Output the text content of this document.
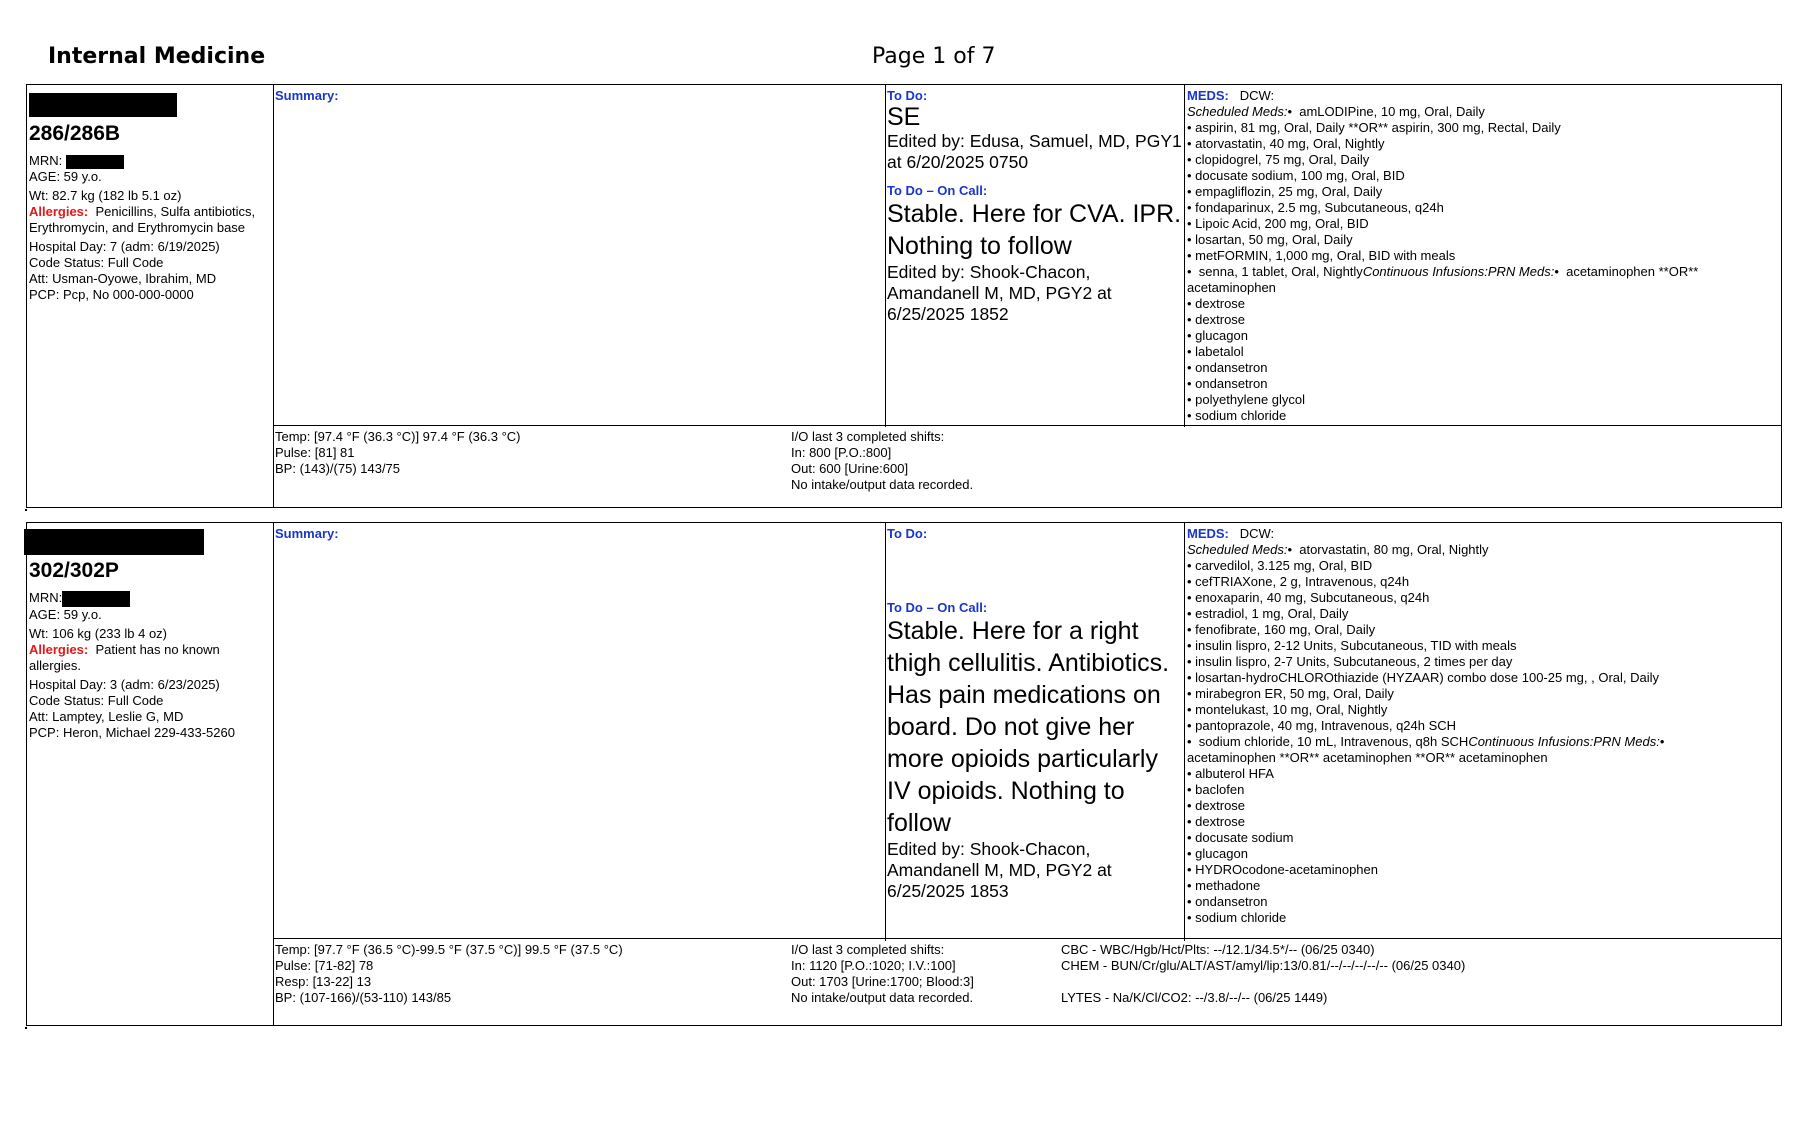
Internal Medicine	Page 1 of 7
286/286B
MRN:
AGE: 59 y.o.
Wt: 82.7 kg (182 lb 5.1 oz)
Allergies: Penicillins, Sulfa antibiotics, Erythromycin, and Erythromycin base
Hospital Day: 7 (adm: 6/19/2025)
Code Status: Full Code
Att: Usman-Oyowe, Ibrahim, MD
PCP: Pcp, No 000-000-0000
Summary:	To Do:
SE
Edited by: Edusa, Samuel, MD, PGY1 at 6/20/2025 0750
To Do – On Call:
Stable. Here for CVA. IPR. Nothing to follow
Edited by: Shook-Chacon, Amandanell M, MD, PGY2 at 6/25/2025 1852
MEDS: DCW:
Scheduled Meds:•  amLODIPine, 10 mg, Oral, Daily
• aspirin, 81 mg, Oral, Daily **OR** aspirin, 300 mg, Rectal, Daily
• atorvastatin, 40 mg, Oral, Nightly
• clopidogrel, 75 mg, Oral, Daily
• docusate sodium, 100 mg, Oral, BID
• empagliflozin, 25 mg, Oral, Daily
• fondaparinux, 2.5 mg, Subcutaneous, q24h
• Lipoic Acid, 200 mg, Oral, BID
• losartan, 50 mg, Oral, Daily
• metFORMIN, 1,000 mg, Oral, BID with meals
•  senna, 1 tablet, Oral, NightlyContinuous Infusions:PRN Meds:•  acetaminophen **OR**
acetaminophen
• dextrose
• dextrose
• glucagon
• labetalol
• ondansetron
• ondansetron
• polyethylene glycol
• sodium chloride
Temp: [97.4 °F (36.3 °C)] 97.4 °F (36.3 °C)
Pulse: [81] 81
BP: (143)/(75) 143/75
I/O last 3 completed shifts:
In: 800 [P.O.:800]
Out: 600 [Urine:600]
No intake/output data recorded.
302/302P
MRN:
AGE: 59 y.o.
Wt: 106 kg (233 lb 4 oz)
Allergies: Patient has no known allergies.
Hospital Day: 3 (adm: 6/23/2025)
Code Status: Full Code
Att: Lamptey, Leslie G, MD
PCP: Heron, Michael 229-433-5260
Summary:	To Do:
To Do – On Call:
Stable. Here for a right thigh cellulitis. Antibiotics. Has pain medications on board. Do not give her more opioids particularly IV opioids. Nothing to follow
Edited by: Shook-Chacon, Amandanell M, MD, PGY2 at 6/25/2025 1853
MEDS: DCW:
Scheduled Meds:•  atorvastatin, 80 mg, Oral, Nightly
• carvedilol, 3.125 mg, Oral, BID
• cefTRIAXone, 2 g, Intravenous, q24h
• enoxaparin, 40 mg, Subcutaneous, q24h
• estradiol, 1 mg, Oral, Daily
• fenofibrate, 160 mg, Oral, Daily
• insulin lispro, 2-12 Units, Subcutaneous, TID with meals
• insulin lispro, 2-7 Units, Subcutaneous, 2 times per day
• losartan-hydroCHLOROthiazide (HYZAAR) combo dose 100-25 mg, , Oral, Daily
• mirabegron ER, 50 mg, Oral, Daily
• montelukast, 10 mg, Oral, Nightly
• pantoprazole, 40 mg, Intravenous, q24h SCH
•  sodium chloride, 10 mL, Intravenous, q8h SCHContinuous Infusions:PRN Meds:•
acetaminophen **OR** acetaminophen **OR** acetaminophen
• albuterol HFA
• baclofen
• dextrose
• dextrose
• docusate sodium
• glucagon
• HYDROcodone-acetaminophen
• methadone
• ondansetron
• sodium chloride
Temp: [97.7 °F (36.5 °C)-99.5 °F (37.5 °C)] 99.5 °F (37.5 °C)
Pulse: [71-82] 78
Resp: [13-22] 13
BP: (107-166)/(53-110) 143/85
I/O last 3 completed shifts:
In: 1120 [P.O.:1020; I.V.:100]
Out: 1703 [Urine:1700; Blood:3]
No intake/output data recorded.
CBC - WBC/Hgb/Hct/Plts: --/12.1/34.5*/-- (06/25 0340)
CHEM - BUN/Cr/glu/ALT/AST/amyl/lip:13/0.81/--/--/--/--/-- (06/25 0340)

LYTES - Na/K/Cl/CO2: --/3.8/--/-- (06/25 1449)
